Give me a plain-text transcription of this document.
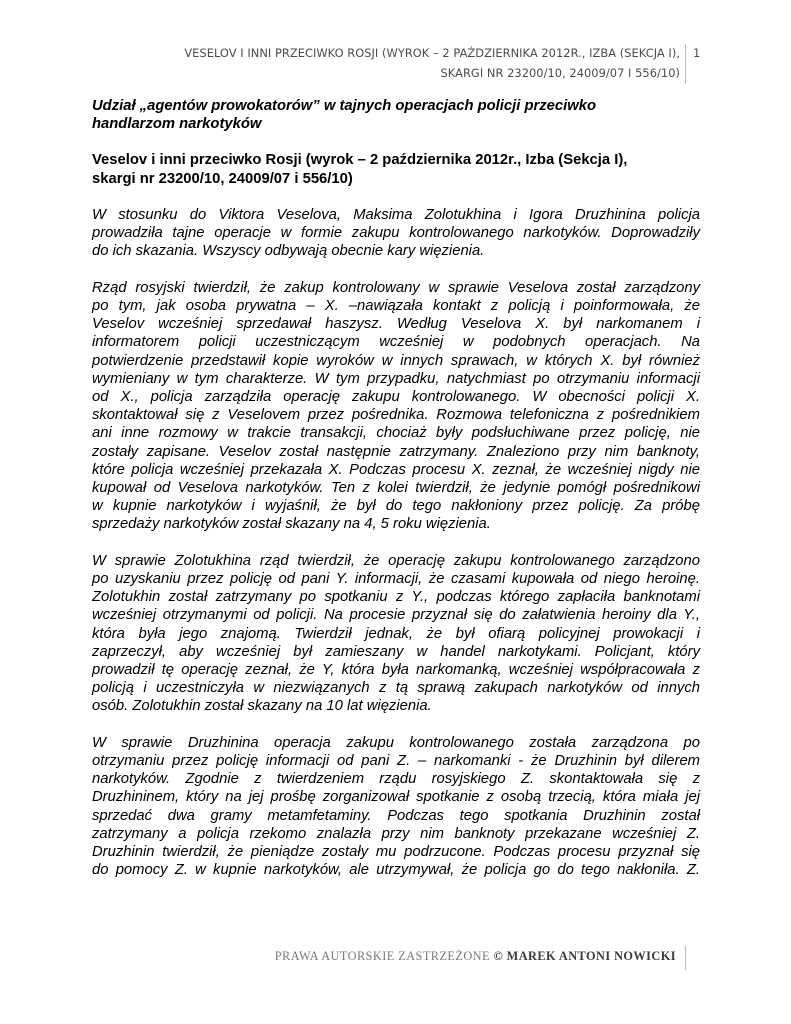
VESELOV I INNI PRZECIWKO ROSJI (WYROK – 2 PAŹDZIERNIKA 2012R., IZBA (SEKCJA I),
SKARGI NR 23200/10, 24009/07 I 556/10)
1

Udział „agentów prowokatorów” w tajnych operacjach policji przeciwko
handlarzom narkotyków

Veselov i inni przeciwko Rosji (wyrok – 2 października 2012r., Izba (Sekcja I),
skargi nr 23200/10, 24009/07 i 556/10)

W stosunku do Viktora Veselova, Maksima Zolotukhina i Igora Druzhinina policja
prowadziła tajne operacje w formie zakupu kontrolowanego narkotyków. Doprowadziły
do ich skazania. Wszyscy odbywają obecnie kary więzienia.

Rząd rosyjski twierdził, że zakup kontrolowany w sprawie Veselova został zarządzony
po tym, jak osoba prywatna – X. –nawiązała kontakt z policją i poinformowała, że
Veselov wcześniej sprzedawał haszysz. Według Veselova X. był narkomanem i
informatorem policji uczestniczącym wcześniej w podobnych operacjach. Na
potwierdzenie przedstawił kopie wyroków w innych sprawach, w których X. był również
wymieniany w tym charakterze. W tym przypadku, natychmiast po otrzymaniu informacji
od X., policja zarządziła operację zakupu kontrolowanego. W obecności policji X.
skontaktował się z Veselovem przez pośrednika. Rozmowa telefoniczna z pośrednikiem
ani inne rozmowy w trakcie transakcji, chociaż były podsłuchiwane przez policję, nie
zostały zapisane. Veselov został następnie zatrzymany. Znaleziono przy nim banknoty,
które policja wcześniej przekazała X. Podczas procesu X. zeznał, że wcześniej nigdy nie
kupował od Veselova narkotyków. Ten z kolei twierdził, że jedynie pomógł pośrednikowi
w kupnie narkotyków i wyjaśnił, że był do tego nakłoniony przez policję. Za próbę
sprzedaży narkotyków został skazany na 4, 5 roku więzienia.

W sprawie Zolotukhina rząd twierdził, że operację zakupu kontrolowanego zarządzono
po uzyskaniu przez policję od pani Y. informacji, że czasami kupowała od niego heroinę.
Zolotukhin został zatrzymany po spotkaniu z Y., podczas którego zapłaciła banknotami
wcześniej otrzymanymi od policji. Na procesie przyznał się do załatwienia heroiny dla Y.,
która była jego znajomą. Twierdził jednak, że był ofiarą policyjnej prowokacji i
zaprzeczył, aby wcześniej był zamieszany w handel narkotykami. Policjant, który
prowadził tę operację zeznał, że Y, która była narkomanką, wcześniej współpracowała z
policją i uczestniczyła w niezwiązanych z tą sprawą zakupach narkotyków od innych
osób. Zolotukhin został skazany na 10 lat więzienia.

W sprawie Druzhinina operacja zakupu kontrolowanego została zarządzona po
otrzymaniu przez policję informacji od pani Z. – narkomanki - że Druzhinin był dilerem
narkotyków. Zgodnie z twierdzeniem rządu rosyjskiego Z. skontaktowała się z
Druzhininem, który na jej prośbę zorganizował spotkanie z osobą trzecią, która miała jej
sprzedać dwa gramy metamfetaminy. Podczas tego spotkania Druzhinin został
zatrzymany a policja rzekomo znalazła przy nim banknoty przekazane wcześniej Z.
Druzhinin twierdził, że pieniądze zostały mu podrzucone. Podczas procesu przyznał się
do pomocy Z. w kupnie narkotyków, ale utrzymywał, że policja go do tego nakłoniła. Z.

PRAWA AUTORSKIE ZASTRZEŻONE © MAREK ANTONI NOWICKI
